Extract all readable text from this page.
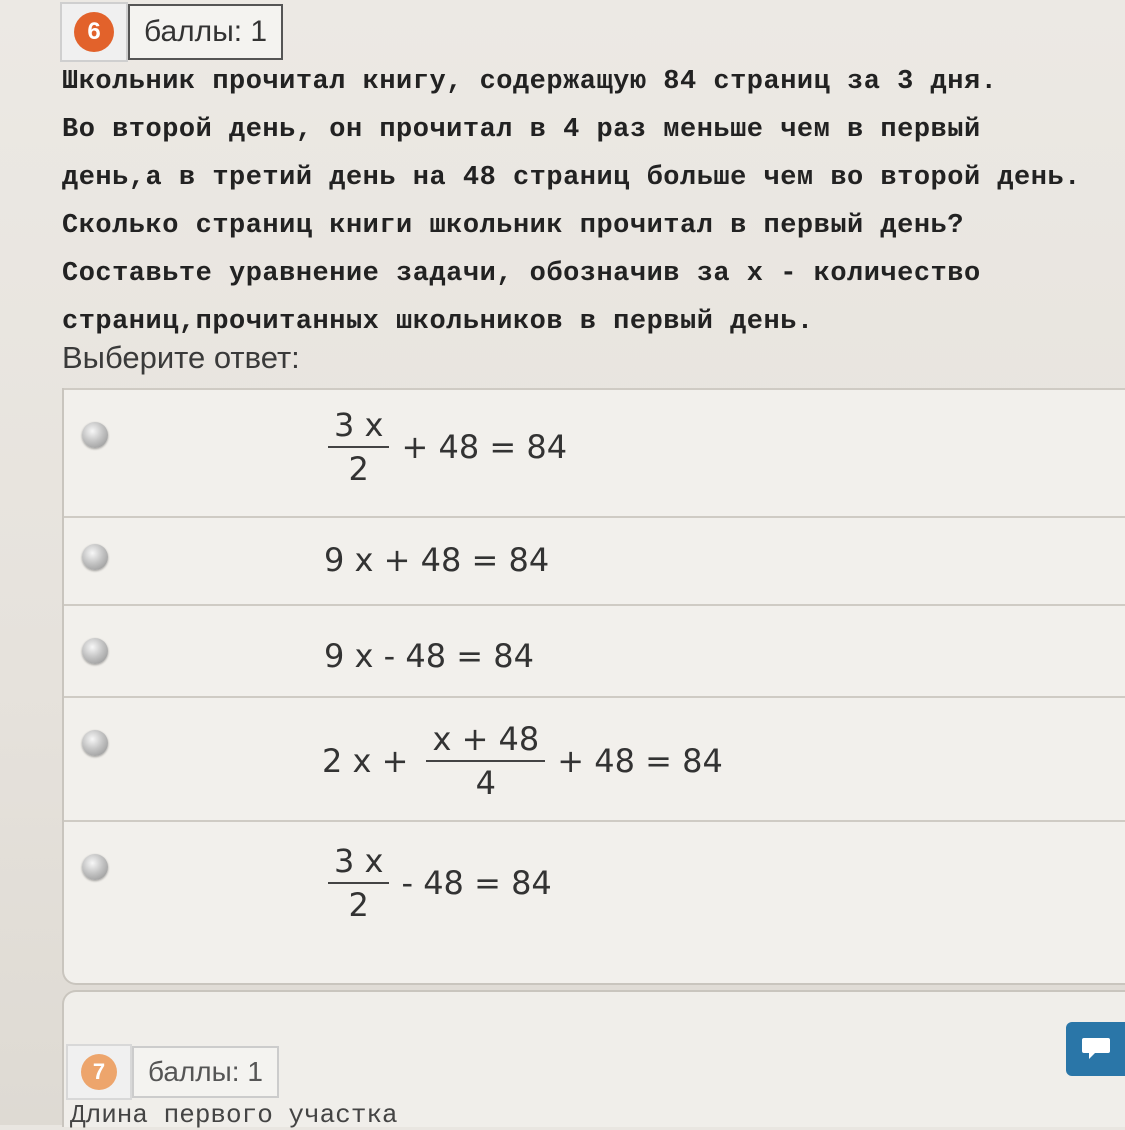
6	баллы: 1
Школьник прочитал книгу, содержащую 84 страниц за 3 дня.
Во второй день, он прочитал в 4 раз меньше чем в первый
день,а в третий день на 48 страниц больше чем во второй день.
Сколько страниц книги школьник прочитал в первый день?
Составьте уравнение задачи, обозначив за x - количество
страниц,прочитанных школьников в первый день.
Выберите ответ:
$\frac{3 x}{2} + 48 = 84$
9 x + 48 = 84
9 x - 48 = 84
2 $x + \frac{x + 48}{4} + 48 = 84$
$\frac{3 x}{2} - 48 = 84$
7	баллы: 1
Длина первого участка
